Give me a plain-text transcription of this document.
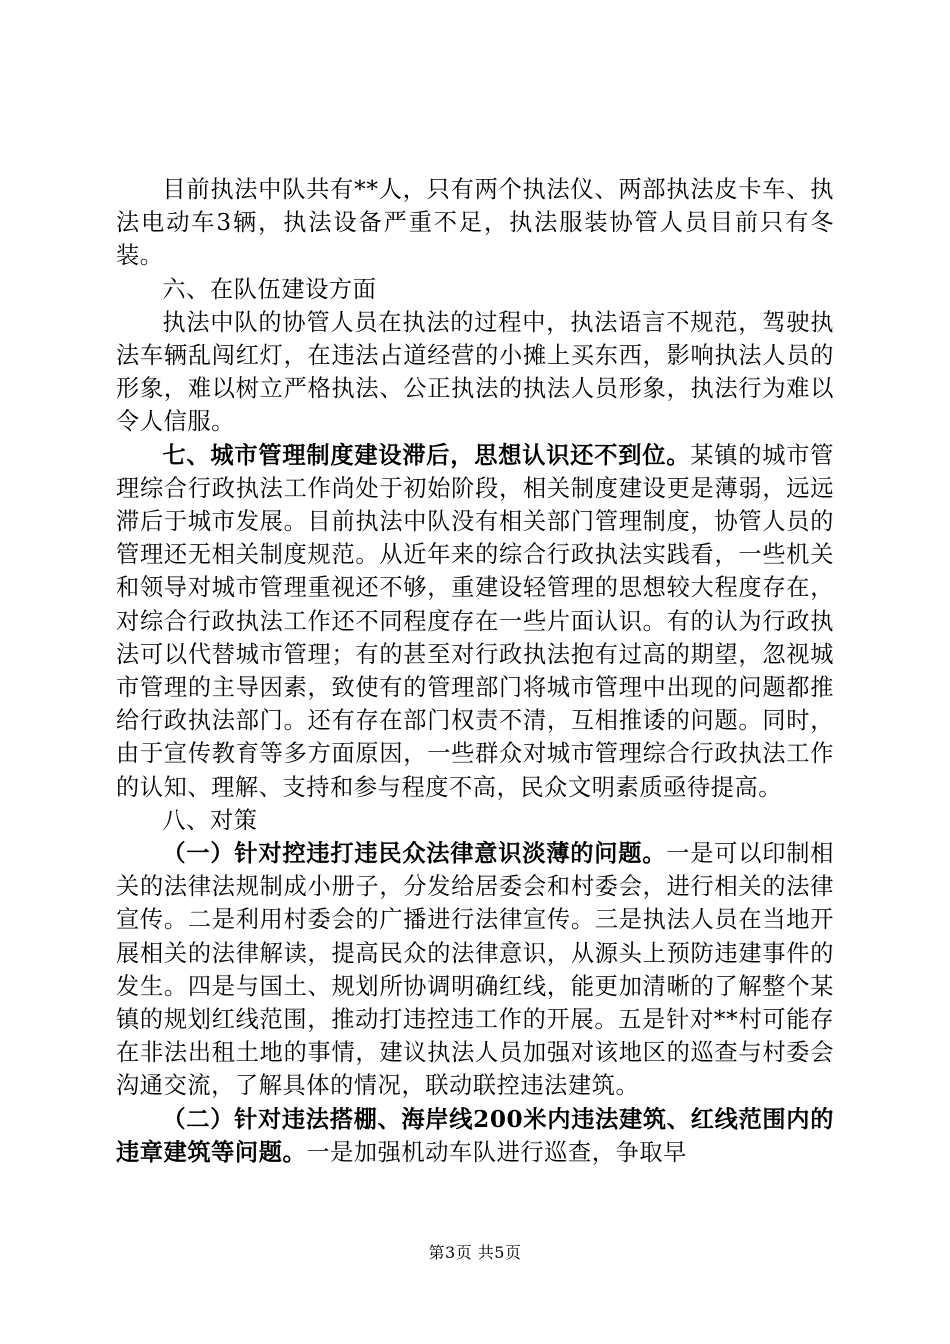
目前执法中队共有**人，只有两个执法仪、两部执法皮卡车、执法电动车3辆，执法设备严重不足，执法服装协管人员目前只有冬装。

六、在队伍建设方面

执法中队的协管人员在执法的过程中，执法语言不规范，驾驶执法车辆乱闯红灯，在违法占道经营的小摊上买东西，影响执法人员的形象，难以树立严格执法、公正执法的执法人员形象，执法行为难以令人信服。

七、城市管理制度建设滞后，思想认识还不到位。某镇的城市管理综合行政执法工作尚处于初始阶段，相关制度建设更是薄弱，远远滞后于城市发展。目前执法中队没有相关部门管理制度，协管人员的管理还无相关制度规范。从近年来的综合行政执法实践看，一些机关和领导对城市管理重视还不够，重建设轻管理的思想较大程度存在，对综合行政执法工作还不同程度存在一些片面认识。有的认为行政执法可以代替城市管理；有的甚至对行政执法抱有过高的期望，忽视城市管理的主导因素，致使有的管理部门将城市管理中出现的问题都推给行政执法部门。还有存在部门权责不清，互相推诿的问题。同时，由于宣传教育等多方面原因，一些群众对城市管理综合行政执法工作的认知、理解、支持和参与程度不高，民众文明素质亟待提高。

八、对策

（一）针对控违打违民众法律意识淡薄的问题。一是可以印制相关的法律法规制成小册子，分发给居委会和村委会，进行相关的法律宣传。二是利用村委会的广播进行法律宣传。三是执法人员在当地开展相关的法律解读，提高民众的法律意识，从源头上预防违建事件的发生。四是与国土、规划所协调明确红线，能更加清晰的了解整个某镇的规划红线范围，推动打违控违工作的开展。五是针对**村可能存在非法出租土地的事情，建议执法人员加强对该地区的巡查与村委会沟通交流，了解具体的情况，联动联控违法建筑。

（二）针对违法搭棚、海岸线200米内违法建筑、红线范围内的违章建筑等问题。一是加强机动车队进行巡查，争取早

第3页 共5页
